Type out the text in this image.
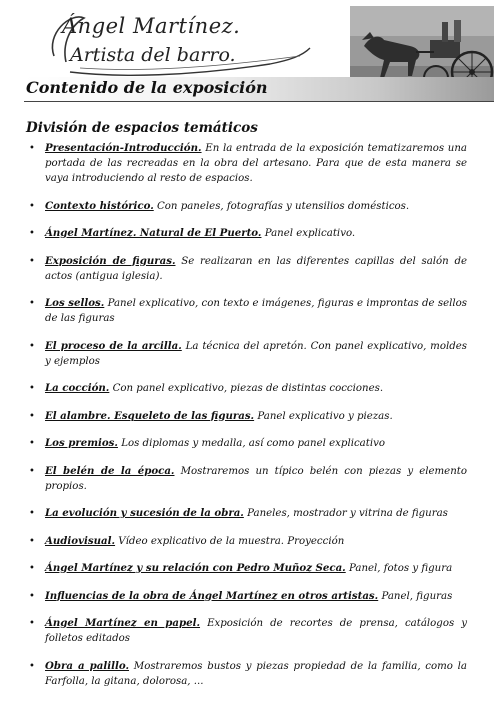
Ángel Martínez.
Artista del barro.
Contenido de la exposición
División de espacios temáticos
• Presentación-Introducción. En la entrada de la exposición tematizaremos una portada de las recreadas en la obra del artesano. Para que de esta manera se vaya introduciendo al resto de espacios.
• Contexto histórico. Con paneles, fotografías y utensilios domésticos.
• Ángel Martínez. Natural de El Puerto. Panel explicativo.
• Exposición de figuras. Se realizaran en las diferentes capillas del salón de actos (antigua iglesia).
• Los sellos. Panel explicativo, con texto e imágenes, figuras e improntas de sellos de las figuras
• El proceso de la arcilla. La técnica del apretón. Con panel explicativo, moldes y ejemplos
• La cocción. Con panel explicativo, piezas de distintas cocciones.
• El alambre. Esqueleto de las figuras. Panel explicativo y piezas.
• Los premios. Los diplomas y medalla, así como panel explicativo
• El belén de la época. Mostraremos un típico belén con piezas y elemento propios.
• La evolución y sucesión de la obra. Paneles, mostrador y vitrina de figuras
• Audiovisual. Vídeo explicativo de la muestra. Proyección
• Ángel Martínez y su relación con Pedro Muñoz Seca. Panel, fotos y figura
• Influencias de la obra de Ángel Martínez en otros artistas. Panel, figuras
• Ángel Martínez en papel. Exposición de recortes de prensa, catálogos y folletos editados
• Obra a palillo. Mostraremos bustos y piezas propiedad de la familia, como la Farfolla, la gitana, dolorosa, ...
